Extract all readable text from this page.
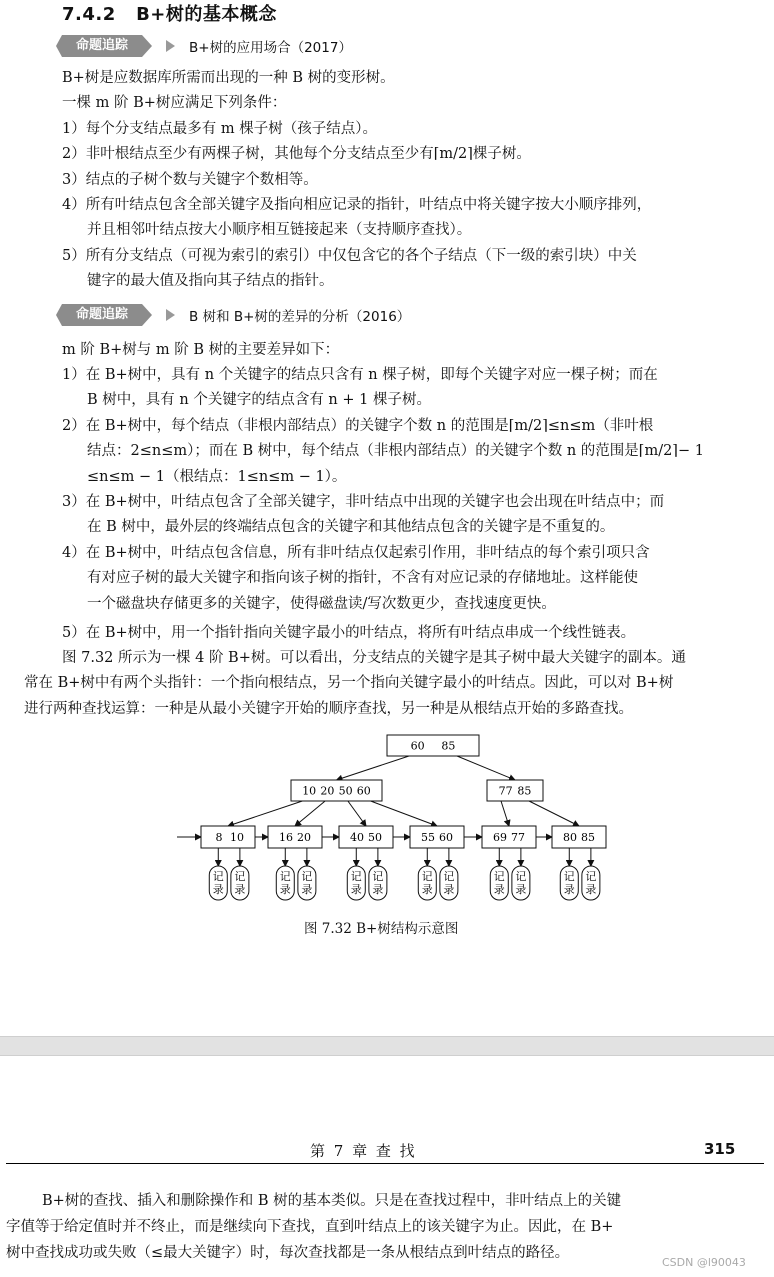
7.4.2 B+树的基本概念
命题追踪	B+树的应用场合（2017）
B+树是应数据库所需而出现的一种 B 树的变形树。
一棵 m 阶 B+树应满足下列条件：
1）每个分支结点最多有 m 棵子树（孩子结点）。
2）非叶根结点至少有两棵子树，其他每个分支结点至少有⌈m/2⌉棵子树。
3）结点的子树个数与关键字个数相等。
4）所有叶结点包含全部关键字及指向相应记录的指针，叶结点中将关键字按大小顺序排列，
并且相邻叶结点按大小顺序相互链接起来（支持顺序查找）。
5）所有分支结点（可视为索引的索引）中仅包含它的各个子结点（下一级的索引块）中关
键字的最大值及指向其子结点的指针。
命题追踪	B 树和 B+树的差异的分析（2016）
m 阶 B+树与 m 阶 B 树的主要差异如下：
1）在 B+树中，具有 n 个关键字的结点只含有 n 棵子树，即每个关键字对应一棵子树；而在
B 树中，具有 n 个关键字的结点含有 n + 1 棵子树。
2）在 B+树中，每个结点（非根内部结点）的关键字个数 n 的范围是⌈m/2⌉≤n≤m（非叶根
结点：2≤n≤m）；而在 B 树中，每个结点（非根内部结点）的关键字个数 n 的范围是⌈m/2⌉− 1
≤n≤m − 1（根结点：1≤n≤m − 1）。
3）在 B+树中，叶结点包含了全部关键字，非叶结点中出现的关键字也会出现在叶结点中；而
在 B 树中，最外层的终端结点包含的关键字和其他结点包含的关键字是不重复的。
4）在 B+树中，叶结点包含信息，所有非叶结点仅起索引作用，非叶结点的每个索引项只含
有对应子树的最大关键字和指向该子树的指针，不含有对应记录的存储地址。这样能使
一个磁盘块存储更多的关键字，使得磁盘读/写次数更少，查找速度更快。
5）在 B+树中，用一个指针指向关键字最小的叶结点，将所有叶结点串成一个线性链表。
图 7.32 所示为一棵 4 阶 B+树。可以看出，分支结点的关键字是其子树中最大关键字的副本。通
常在 B+树中有两个头指针：一个指向根结点，另一个指向关键字最小的叶结点。因此，可以对 B+树
进行两种查找运算：一种是从最小关键字开始的顺序查找，另一种是从根结点开始的多路查找。
60 85
10 20 50 60	77 85
8 10	16 20	40 50	55 60	69 77	80 85
记
录
记
录
记
录
记
录
记
录
记
录
记
录
记
录
记
录
记
录
记
录
记
录
图 7.32 B+树结构示意图
第 7 章 查 找	315
B+树的查找、插入和删除操作和 B 树的基本类似。只是在查找过程中，非叶结点上的关键
字值等于给定值时并不终止，而是继续向下查找，直到叶结点上的该关键字为止。因此，在 B+
树中查找成功或失败（≤最大关键字）时，每次查找都是一条从根结点到叶结点的路径。
CSDN @l90043
